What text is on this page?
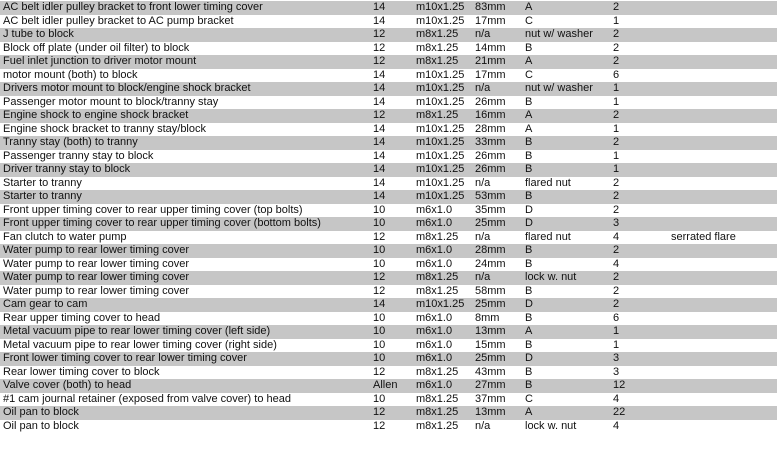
AC belt idler pulley bracket to front lower timing cover	14	m10x1.25 83mm A	2
AC belt idler pulley bracket to AC pump bracket	14	m10x1.25 17mm C	1
J tube to block	12	m8x1.25 n/a	nut w/ washer 2
Block off plate (under oil filter) to block	12	m8x1.25 14mm B	2
Fuel inlet junction to driver motor mount	12	m8x1.25 21mm A	2
motor mount (both) to block	14	m10x1.25 17mm C	6
Drivers motor mount to block/engine shock bracket	14	m10x1.25 n/a	nut w/ washer 1
Passenger motor mount to block/tranny stay	14	m10x1.25 26mm B	1
Engine shock to engine shock bracket	12	m8x1.25 16mm A	2
Engine shock bracket to tranny stay/block	14	m10x1.25 28mm A	1
Tranny stay (both) to tranny	14	m10x1.25 33mm B	2
Passenger tranny stay to block	14	m10x1.25 26mm B	1
Driver tranny stay to block	14	m10x1.25 26mm B	1
Starter to tranny	14	m10x1.25 n/a	flared nut	2
Starter to tranny	14	m10x1.25 53mm B	2
Front upper timing cover to rear upper timing cover (top bolts)	10	m6x1.0 35mm D	2
Front upper timing cover to rear upper timing cover (bottom bolts)	10	m6x1.0 25mm D	3
Fan clutch to water pump	12	m8x1.25 n/a	flared nut	4	serrated flare
Water pump to rear lower timing cover	10	m6x1.0 28mm B	2
Water pump to rear lower timing cover	10	m6x1.0 24mm B	4
Water pump to rear lower timing cover	12	m8x1.25 n/a	lock w. nut	2
Water pump to rear lower timing cover	12	m8x1.25 58mm B	2
Cam gear to cam	14	m10x1.25 25mm D	2
Rear upper timing cover to head	10	m6x1.0 8mm B	6
Metal vacuum pipe to rear lower timing cover (left side)	10	m6x1.0 13mm A	1
Metal vacuum pipe to rear lower timing cover (right side)	10	m6x1.0 15mm B	1
Front lower timing cover to rear lower timing cover	10	m6x1.0 25mm D	3
Rear lower timing cover to block	12	m8x1.25 43mm B	3
Valve cover (both) to head	Allen m6x1.0 27mm B	12
#1 cam journal retainer (exposed from valve cover) to head	10	m8x1.25 37mm C	4
Oil pan to block	12	m8x1.25 13mm A	22
Oil pan to block	12	m8x1.25 n/a	lock w. nut	4
